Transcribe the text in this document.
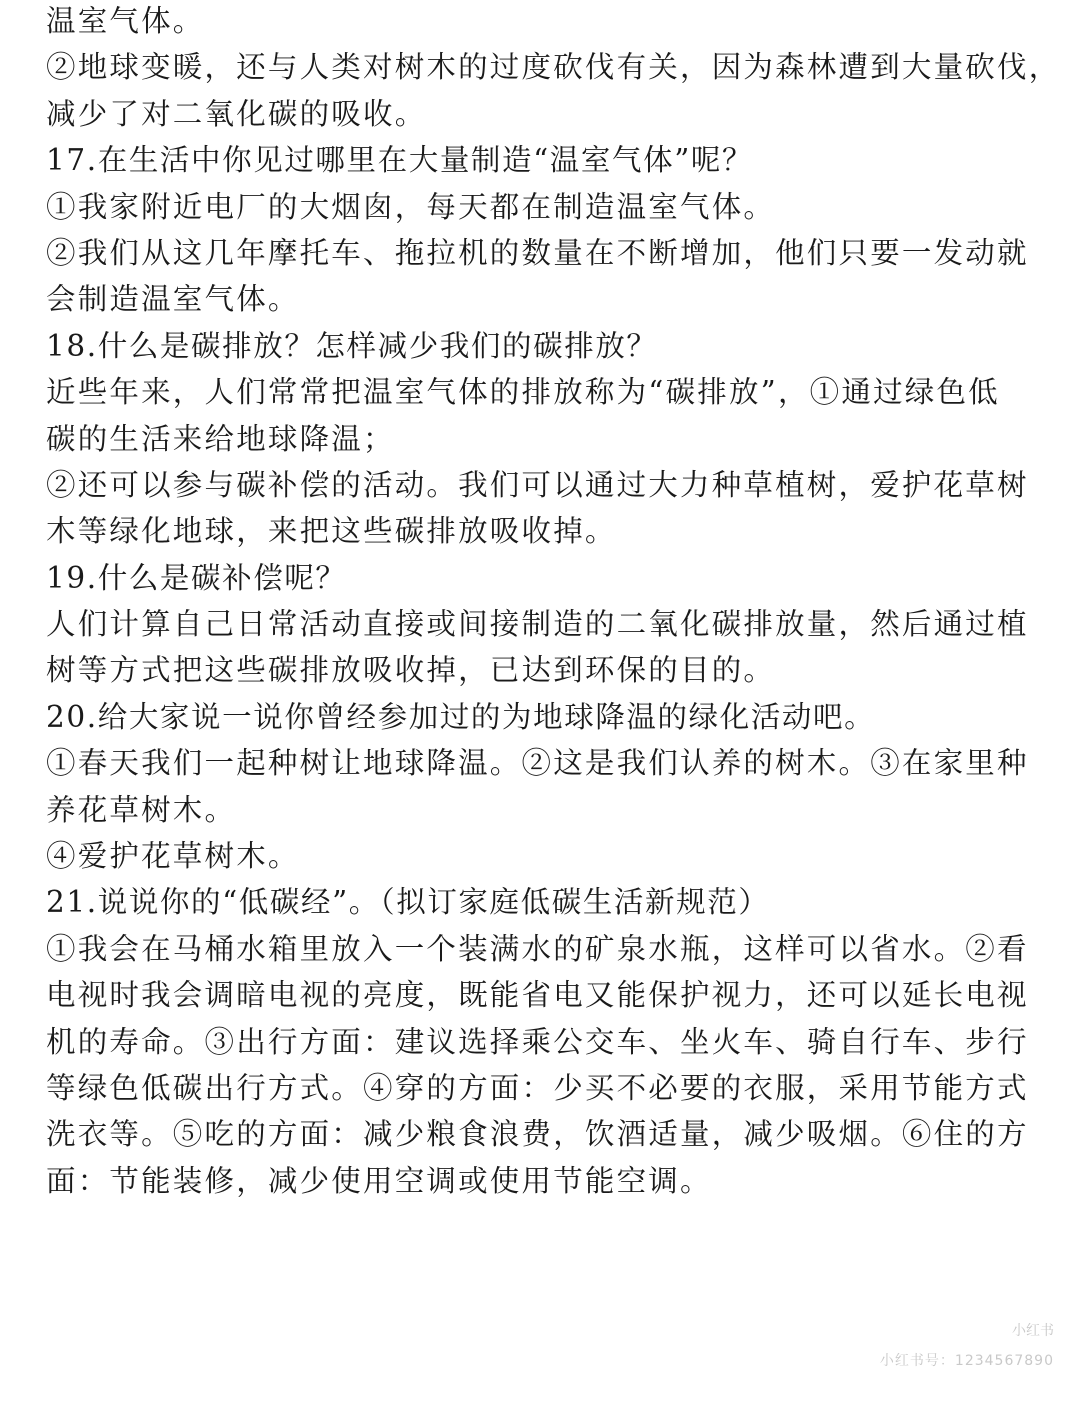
温室气体。
②地球变暖，还与人类对树木的过度砍伐有关，因为森林遭到大量砍伐，
减少了对二氧化碳的吸收。
17.在生活中你见过哪里在大量制造“温室气体”呢？
①我家附近电厂的大烟囱，每天都在制造温室气体。
②我们从这几年摩托车、拖拉机的数量在不断增加，他们只要一发动就
会制造温室气体。
18.什么是碳排放？怎样减少我们的碳排放？
近些年来，人们常常把温室气体的排放称为“碳排放”，①通过绿色低
碳的生活来给地球降温；
②还可以参与碳补偿的活动。我们可以通过大力种草植树，爱护花草树
木等绿化地球，来把这些碳排放吸收掉。
19.什么是碳补偿呢？
人们计算自己日常活动直接或间接制造的二氧化碳排放量，然后通过植
树等方式把这些碳排放吸收掉，已达到环保的目的。
20.给大家说一说你曾经参加过的为地球降温的绿化活动吧。
①春天我们一起种树让地球降温。②这是我们认养的树木。③在家里种
养花草树木。
④爱护花草树木。
21.说说你的“低碳经”。（拟订家庭低碳生活新规范）
①我会在马桶水箱里放入一个装满水的矿泉水瓶，这样可以省水。②看
电视时我会调暗电视的亮度，既能省电又能保护视力，还可以延长电视
机的寿命。③出行方面：建议选择乘公交车、坐火车、骑自行车、步行
等绿色低碳出行方式。④穿的方面：少买不必要的衣服，采用节能方式
洗衣等。⑤吃的方面：减少粮食浪费，饮酒适量，减少吸烟。⑥住的方
面：节能装修，减少使用空调或使用节能空调。
小红书
小红书号：1234567890
